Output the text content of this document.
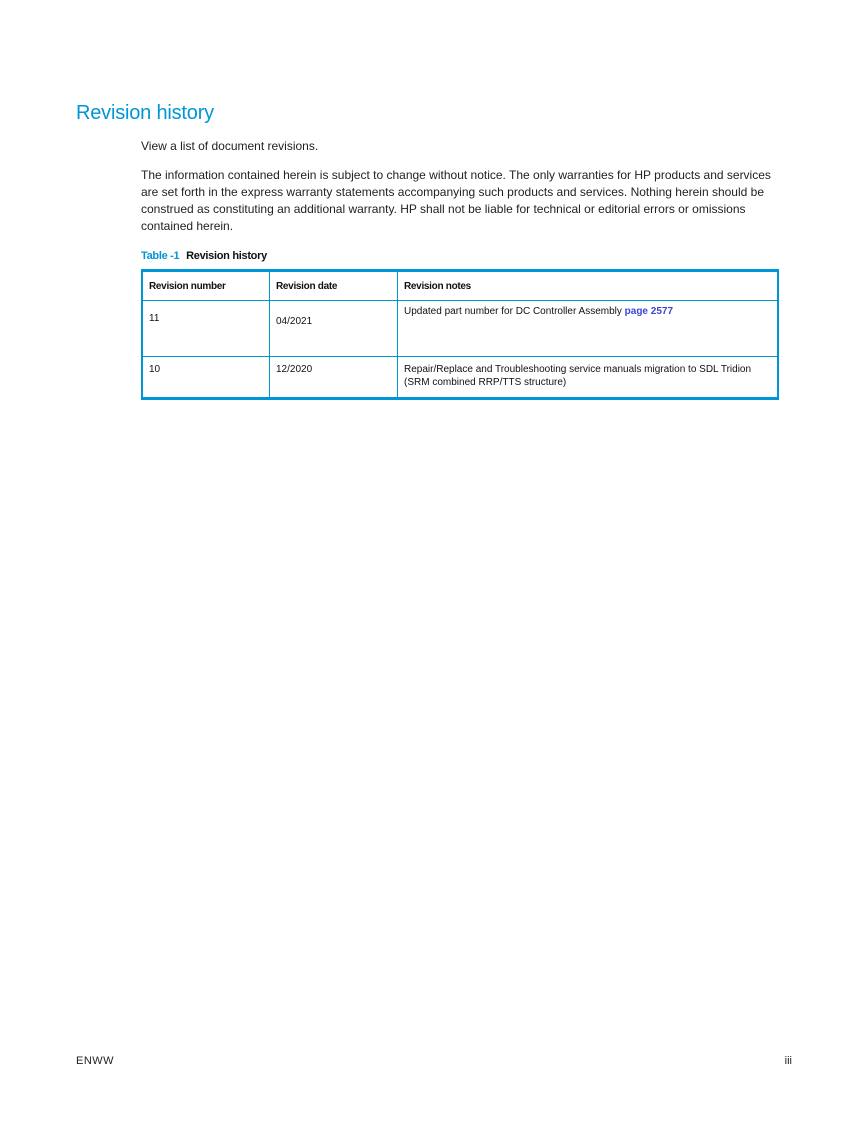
Revision history

View a list of document revisions.

The information contained herein is subject to change without notice. The only warranties for HP products and services are set forth in the express warranty statements accompanying such products and services. Nothing herein should be construed as constituting an additional warranty. HP shall not be liable for technical or editorial errors or omissions contained herein.

Table -1 Revision history
Revision number	Revision date	Revision notes
11	04/2021	Updated part number for DC Controller Assembly page 2577
10	12/2020	Repair/Replace and Troubleshooting service manuals migration to SDL Tridion (SRM combined RRP/TTS structure)
ENWW	iii
